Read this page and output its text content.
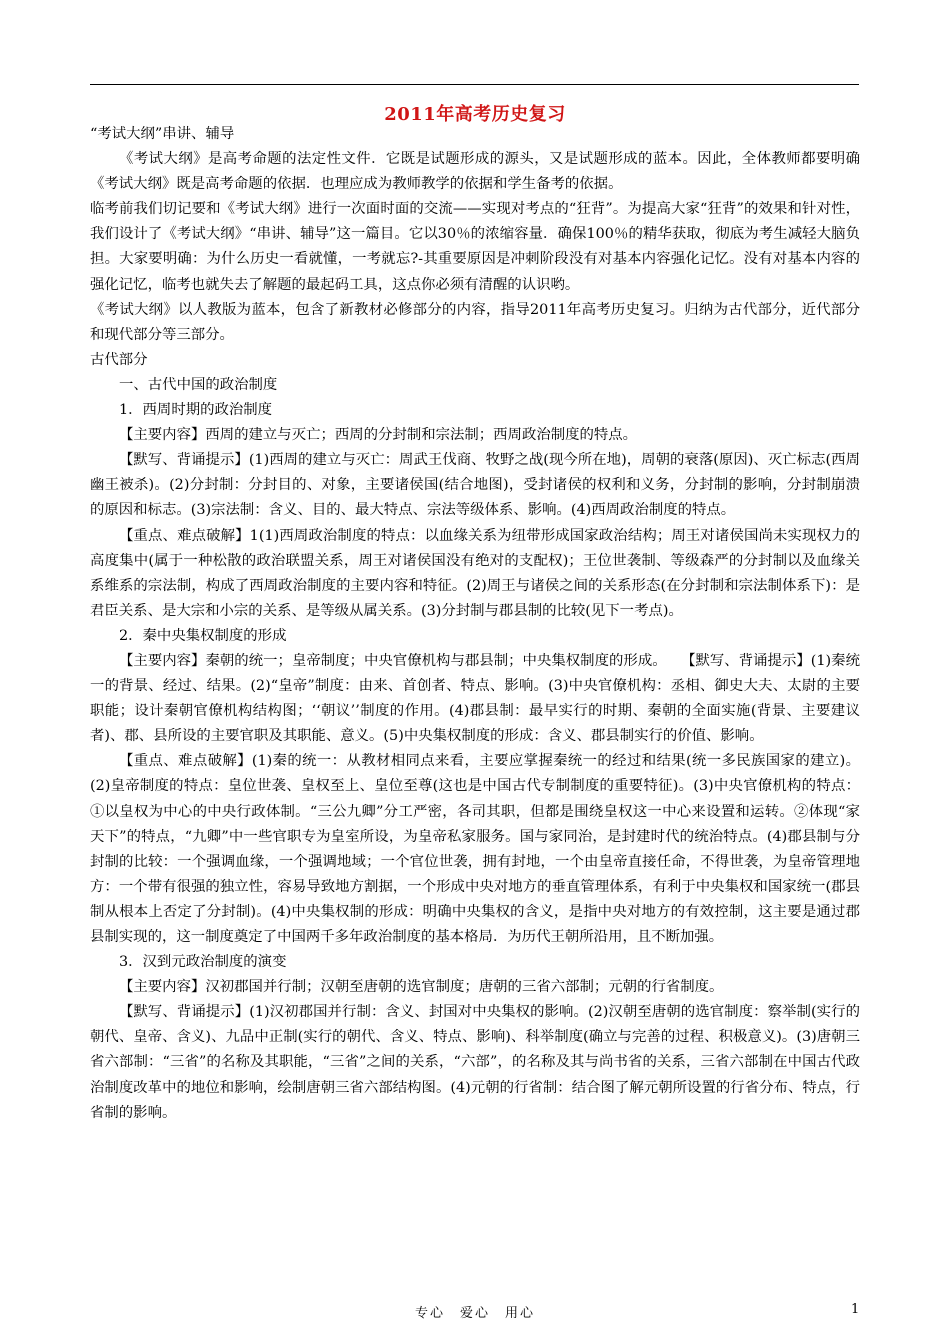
2011年高考历史复习

“考试大纲”串讲、辅导

《考试大纲》是高考命题的法定性文件．它既是试题形成的源头，又是试题形成的蓝本。因此，全体教师都要明确《考试大纲》既是高考命题的依据．也理应成为教师教学的依据和学生备考的依据。

临考前我们切记要和《考试大纲》进行一次面时面的交流——实现对考点的“狂背”。为提高大家“狂背”的效果和针对性，我们设计了《考试大纲》“串讲、辅导”这一篇目。它以30％的浓缩容量．确保100％的精华获取，彻底为考生减轻大脑负担。大家要明确：为什么历史一看就懂，一考就忘?-其重要原因是冲刺阶段没有对基本内容强化记忆。没有对基本内容的强化记忆，临考也就失去了解题的最起码工具，这点你必须有清醒的认识哟。

《考试大纲》以人教版为蓝本，包含了新教材必修部分的内容，指导2011年高考历史复习。归纳为古代部分，近代部分和现代部分等三部分。

古代部分

一、古代中国的政治制度

1．西周时期的政治制度

【主要内容】西周的建立与灭亡；西周的分封制和宗法制；西周政治制度的特点。

【默写、背诵提示】(1)西周的建立与灭亡：周武王伐商、牧野之战(现今所在地)，周朝的衰落(原因)、灭亡标志(西周幽王被杀)。(2)分封制：分封目的、对象，主要诸侯国(结合地图)，受封诸侯的权利和义务，分封制的影响，分封制崩溃的原因和标志。(3)宗法制：含义、目的、最大特点、宗法等级体系、影响。(4)西周政治制度的特点。

【重点、难点破解】1(1)西周政治制度的特点：以血缘关系为纽带形成国家政治结构；周王对诸侯国尚未实现权力的高度集中(属于一种松散的政治联盟关系，周王对诸侯国没有绝对的支配权)；王位世袭制、等级森严的分封制以及血缘关系维系的宗法制，构成了西周政治制度的主要内容和特征。(2)周王与诸侯之间的关系形态(在分封制和宗法制体系下)：是君臣关系、是大宗和小宗的关系、是等级从属关系。(3)分封制与郡县制的比较(见下一考点)。

2．秦中央集权制度的形成

【主要内容】秦朝的统一；皇帝制度；中央官僚机构与郡县制；中央集权制度的形成。　　【默写、背诵提示】(1)秦统一的背景、经过、结果。(2)“皇帝”制度：由来、首创者、特点、影响。(3)中央官僚机构：丞相、御史大夫、太尉的主要职能；设计秦朝官僚机构结构图；‘‘朝议’’制度的作用。(4)郡县制：最早实行的时期、秦朝的全面实施(背景、主要建议者)、郡、县所设的主要官职及其职能、意义。(5)中央集权制度的形成：含义、郡县制实行的价值、影响。

【重点、难点破解】(1)秦的统一：从教材相同点来看，主要应掌握秦统一的经过和结果(统一多民族国家的建立)。(2)皇帝制度的特点：皇位世袭、皇权至上、皇位至尊(这也是中国古代专制制度的重要特征)。(3)中央官僚机构的特点：①以皇权为中心的中央行政体制。“三公九卿”分工严密，各司其职，但都是围绕皇权这一中心来设置和运转。②体现“家天下”的特点，“九卿”中一些官职专为皇室所设，为皇帝私家服务。国与家同治，是封建时代的统治特点。(4)郡县制与分封制的比较：一个强调血缘，一个强调地域；一个官位世袭，拥有封地，一个由皇帝直接任命，不得世袭，为皇帝管理地方：一个带有很强的独立性，容易导致地方割据，一个形成中央对地方的垂直管理体系，有利于中央集权和国家统一(郡县制从根本上否定了分封制)。(4)中央集权制的形成：明确中央集权的含义，是指中央对地方的有效控制，这主要是通过郡县制实现的，这一制度奠定了中国两千多年政治制度的基本格局．为历代王朝所沿用，且不断加强。

3．汉到元政治制度的演变

【主要内容】汉初郡国并行制；汉朝至唐朝的选官制度；唐朝的三省六部制；元朝的行省制度。

【默写、背诵提示】(1)汉初郡国并行制：含义、封国对中央集权的影响。(2)汉朝至唐朝的选官制度：察举制(实行的朝代、皇帝、含义)、九品中正制(实行的朝代、含义、特点、影响)、科举制度(确立与完善的过程、积极意义)。(3)唐朝三省六部制：“三省”的名称及其职能，“三省”之间的关系，“六部”，的名称及其与尚书省的关系，三省六部制在中国古代政治制度改革中的地位和影响，绘制唐朝三省六部结构图。(4)元朝的行省制：结合图了解元朝所设置的行省分布、特点，行省制的影响。

专心　爱心　用心	1
